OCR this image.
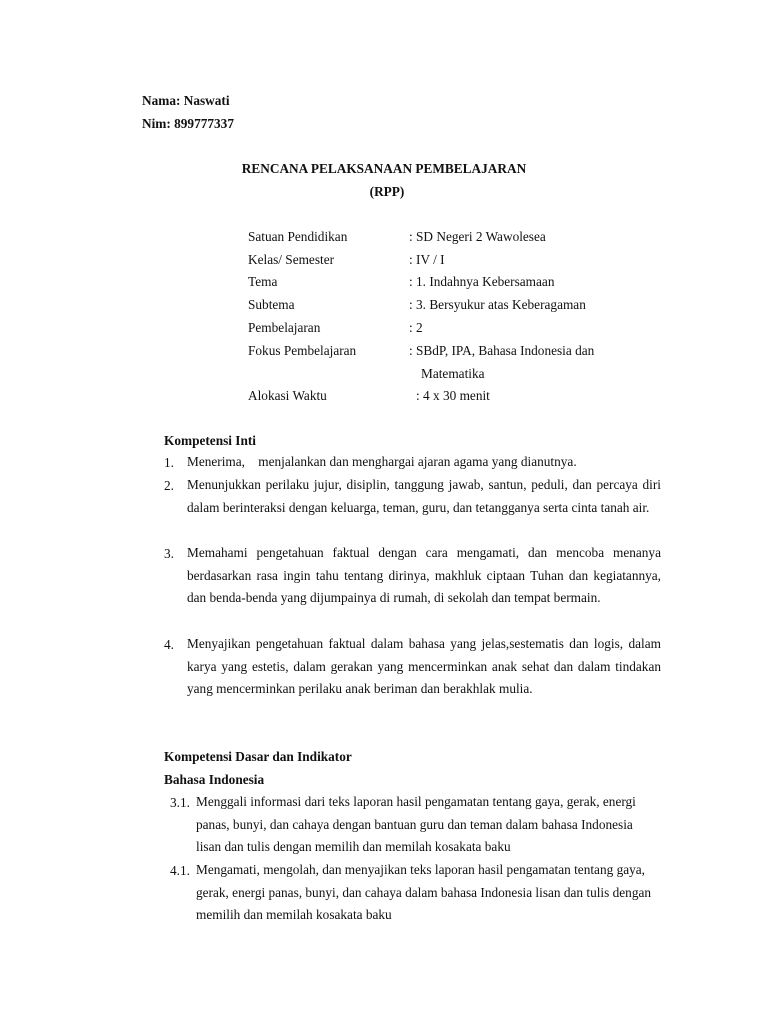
Nama: Naswati
Nim: 899777337
RENCANA PELAKSANAAN PEMBELAJARAN
(RPP)
Satuan Pendidikan	: SD Negeri 2 Wawolesea
Kelas/ Semester	: IV / I
Tema	: 1. Indahnya Kebersamaan
Subtema	: 3. Bersyukur atas Keberagaman
Pembelajaran	: 2
Fokus Pembelajaran	: SBdP, IPA, Bahasa Indonesia dan
Matematika
Alokasi Waktu	: 4 x 30 menit
Kompetensi Inti
1. Menerima,    menjalankan dan menghargai ajaran agama yang dianutnya.
2. Menunjukkan perilaku jujur, disiplin, tanggung jawab, santun, peduli, dan percaya diri dalam berinteraksi dengan keluarga, teman, guru, dan tetangganya serta cinta tanah air.
3. Memahami pengetahuan faktual dengan cara mengamati, dan mencoba menanya berdasarkan rasa ingin tahu tentang dirinya, makhluk ciptaan Tuhan dan kegiatannya, dan benda-benda yang dijumpainya di rumah, di sekolah dan tempat bermain.
4. Menyajikan pengetahuan faktual dalam bahasa yang jelas,sestematis dan logis, dalam karya yang estetis, dalam gerakan yang mencerminkan anak sehat dan dalam tindakan yang mencerminkan perilaku anak beriman dan berakhlak mulia.
Kompetensi Dasar dan Indikator
Bahasa Indonesia
3.1. Menggali informasi dari teks laporan hasil pengamatan tentang gaya, gerak, energi panas, bunyi, dan cahaya dengan bantuan guru dan teman dalam bahasa Indonesia lisan dan tulis dengan memilih dan memilah kosakata baku
4.1. Mengamati, mengolah, dan menyajikan teks laporan hasil pengamatan tentang gaya, gerak, energi panas, bunyi, dan cahaya dalam bahasa Indonesia lisan dan tulis dengan memilih dan memilah kosakata baku
